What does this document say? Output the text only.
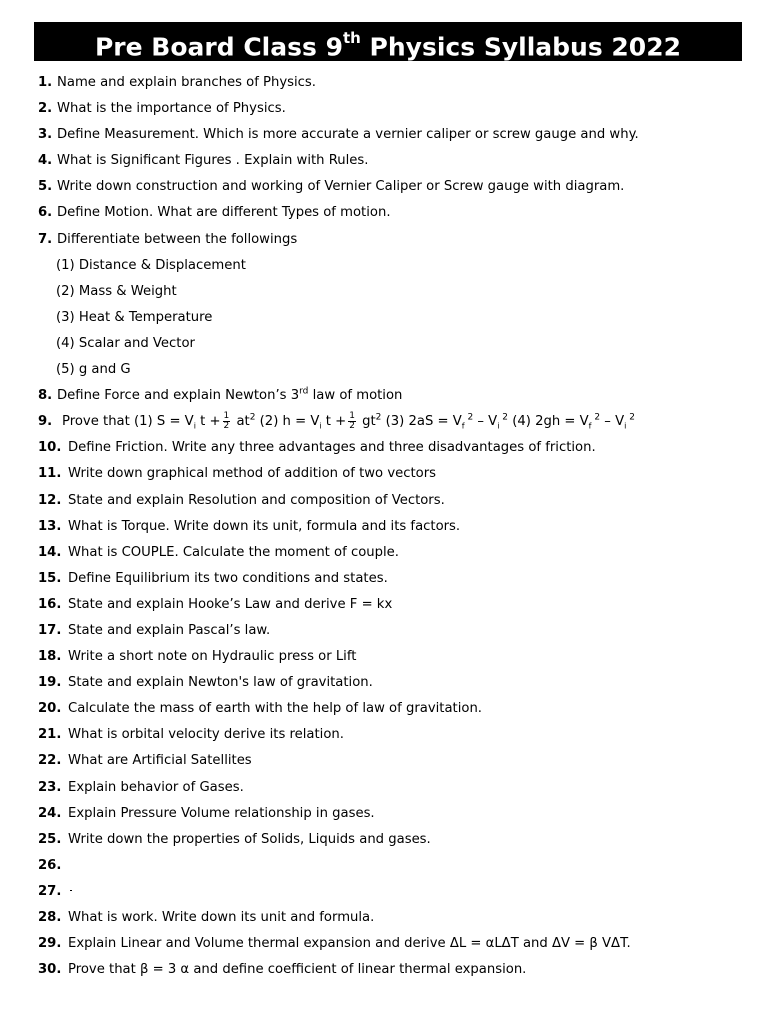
Pre Board Class 9th Physics Syllabus 2022
1. Name and explain branches of Physics.
2. What is the importance of Physics.
3. Define Measurement. Which is more accurate a vernier caliper or screw gauge and why.
4. What is Significant Figures . Explain with Rules.
5. Write down construction and working of Vernier Caliper or Screw gauge with diagram.
6. Define Motion. What are different Types of motion.
7. Differentiate between the followings
(1) Distance & Displacement
(2) Mass & Weight
(3) Heat & Temperature
(4) Scalar and Vector
(5) g and G
8. Define Force and explain Newton’s 3rd law of motion
9. Prove that (1) $S = V_i$ $t + \frac{1}{2} at^2$ (2) $h = V_i$ $t + \frac{1}{2} gt^2$ (3) $2aS = V_f$ $^2 - V_i$ $^2$ (4) $2gh = V_f$ $^2 - V_i$ $^2$
10. Define Friction. Write any three advantages and three disadvantages of friction.
11. Write down graphical method of addition of two vectors
12. State and explain Resolution and composition of Vectors.
13. What is Torque. Write down its unit, formula and its factors.
14. What is COUPLE. Calculate the moment of couple.
15. Define Equilibrium its two conditions and states.
16. State and explain Hooke’s Law and derive F = kx
17. State and explain Pascal’s law.
18. Write a short note on Hydraulic press or Lift
19. State and explain Newton's law of gravitation.
20. Calculate the mass of earth with the help of law of gravitation.
21. What is orbital velocity derive its relation.
22. What are Artificial Satellites
23. Explain behavior of Gases.
24. Explain Pressure Volume relationship in gases.
25. Write down the properties of Solids, Liquids and gases.
26.
27.
28. What is work. Write down its unit and formula.
29. Explain Linear and Volume thermal expansion and derive ΔL = αLΔT and ΔV = β VΔT.
30. Prove that β = 3 α and define coefficient of linear thermal expansion.
